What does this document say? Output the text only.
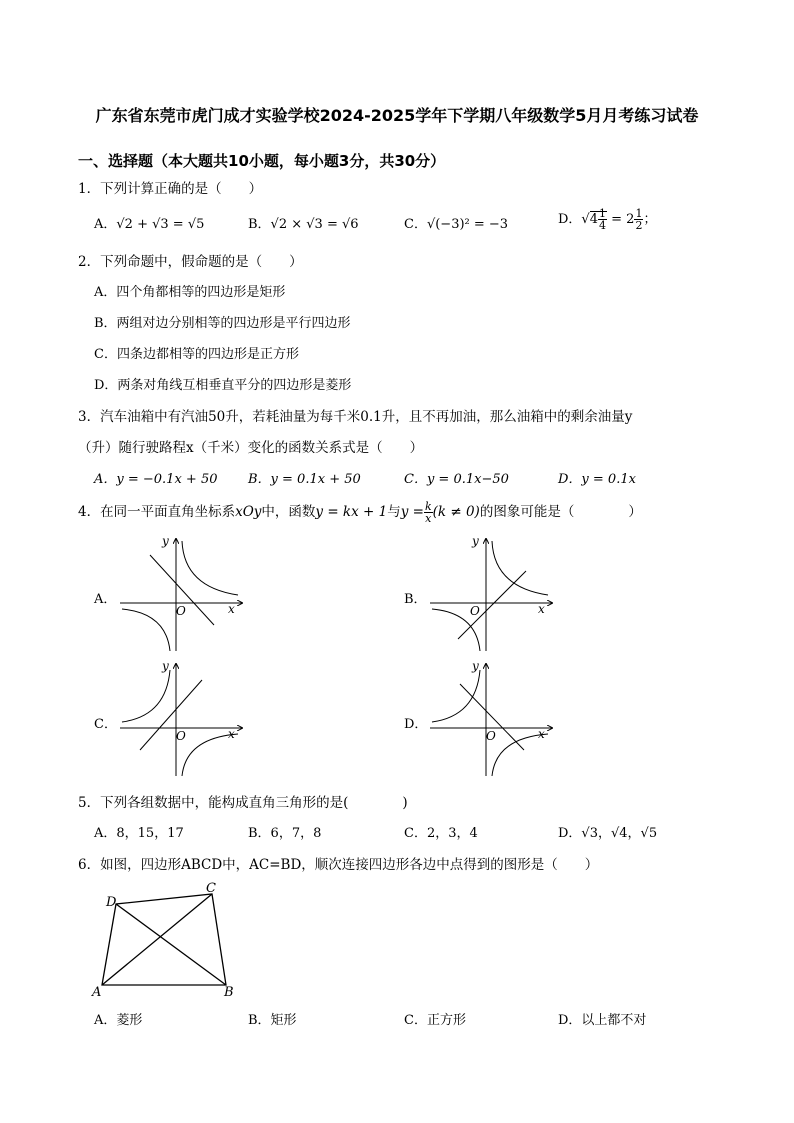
广东省东莞市虎门成才实验学校2024-2025学年下学期八年级数学5月月考练习试卷
一、选择题（本大题共10小题，每小题3分，共30分）
1．下列计算正确的是（　　）
A．√2 + √3 = √5	B．√2 × √3 = √6	C．√(−3)² = −3	D．$√4 \frac{1}{4} = 2 \frac{1}{2}$ ；
2．下列命题中，假命题的是（　　）
A．四个角都相等的四边形是矩形
B．两组对边分别相等的四边形是平行四边形
C．四条边都相等的四边形是正方形
D．两条对角线互相垂直平分的四边形是菱形
3．汽车油箱中有汽油50升，若耗油量为每千米0.1升，且不再加油，那么油箱中的剩余油量y
（升）随行驶路程x（千米）变化的函数关系式是（　　）
A．y = −0.1x + 50 B．y = 0.1x + 50	C．y = 0.1x−50	D．y = 0.1x
4．在同一平面直角坐标系xOy中，函数y = kx + 1与$y = \frac{k}{x} (k \ne 0)$的图象可能是（　　　　）
A．
x
y
O
B．
x
y
O
C．
x
y
O
D．
x
y
O
5．下列各组数据中，能构成直角三角形的是(　　　　)
A．8，15，17	B．6，7，8	C．2，3，4	D．√3，√4，√5
6．如图，四边形ABCD中，AC=BD，顺次连接四边形各边中点得到的图形是（　　）
A	B
C
D
A．菱形	B．矩形	C．正方形	D．以上都不对
